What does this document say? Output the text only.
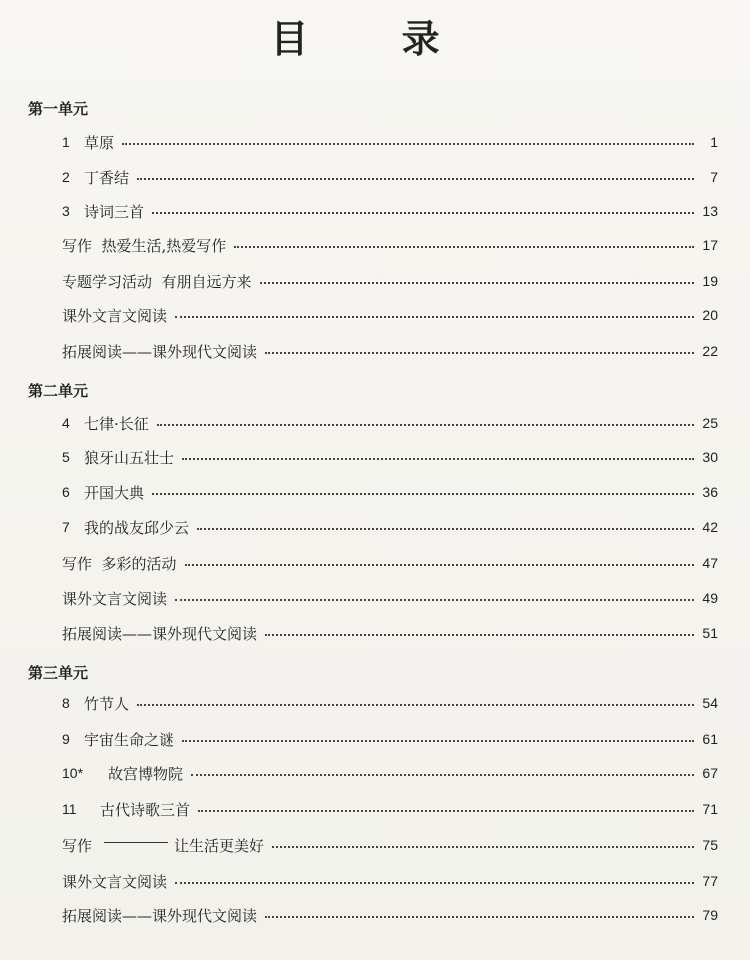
目 录
第一单元
1 草原	1
2 丁香结	7
3 诗词三首	13
写作  热爱生活,热爱写作	17
专题学习活动  有朋自远方来	19
课外文言文阅读	20
拓展阅读——课外现代文阅读	22
第二单元
4 七律·长征	25
5 狼牙山五壮士	30
6 开国大典	36
7 我的战友邱少云	42
写作  多彩的活动	47
课外文言文阅读	49
拓展阅读——课外现代文阅读	51
第三单元
8 竹节人	54
9 宇宙生命之谜	61
10*	故宫博物院	67
11	古代诗歌三首	71
写作	让生活更美好	75
课外文言文阅读	77
拓展阅读——课外现代文阅读	79
